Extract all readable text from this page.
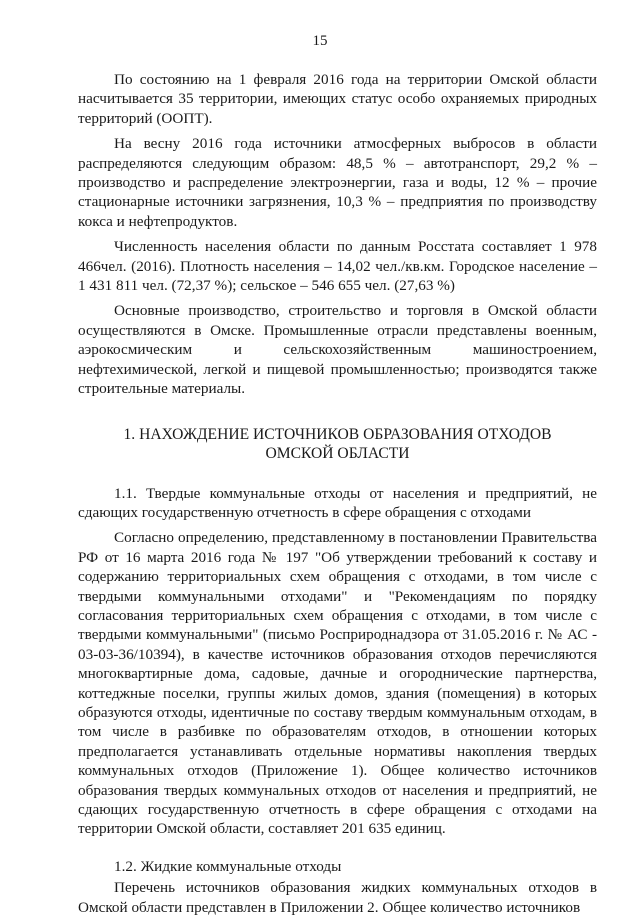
15

По состоянию на 1 февраля 2016 года на территории Омской области насчитывается 35 территории, имеющих статус особо охраняемых природных территорий (ООПТ).

На весну 2016 года источники атмосферных выбросов в области распределяются следующим образом: 48,5 % – автотранспорт, 29,2 % – производство и распределение электроэнергии, газа и воды, 12 % – прочие стационарные источники загрязнения, 10,3 % – предприятия по производству кокса и нефтепродуктов.

Численность населения области по данным Росстата составляет 1 978 466чел. (2016). Плотность населения – 14,02 чел./кв.км. Городское население – 1 431 811 чел. (72,37 %); сельское – 546 655 чел. (27,63 %)

Основные производство, строительство и торговля в Омской области осуществляются в Омске. Промышленные отрасли представлены военным, аэрокосмическим и сельскохозяйственным машиностроением, нефтехимической, легкой и пищевой промышленностью; производятся также строительные материалы.

1. НАХОЖДЕНИЕ ИСТОЧНИКОВ ОБРАЗОВАНИЯ ОТХОДОВ
ОМСКОЙ ОБЛАСТИ

1.1. Твердые коммунальные отходы от населения и предприятий, не сдающих государственную отчетность в сфере обращения с отходами

Согласно определению, представленному в постановлении Правительства РФ от 16 марта 2016 года № 197 "Об утверждении требований к составу и содержанию территориальных схем обращения с отходами, в том числе с твердыми коммунальными отходами" и "Рекомендациям по порядку согласования территориальных схем обращения с отходами, в том числе с твердыми коммунальными" (письмо Росприроднадзора от 31.05.2016 г. № АС - 03-03-36/10394), в качестве источников образования отходов перечисляются многоквартирные дома, садовые, дачные и огороднические партнерства, коттеджные поселки, группы жилых домов, здания (помещения) в которых образуются отходы, идентичные по составу твердым коммунальным отходам, в том числе в разбивке по образователям отходов, в отношении которых предполагается устанавливать отдельные нормативы накопления твердых коммунальных отходов (Приложение 1). Общее количество источников образования твердых коммунальных отходов от населения и предприятий, не сдающих государственную отчетность в сфере обращения с отходами на территории Омской области, составляет 201 635 единиц.

1.2. Жидкие коммунальные отходы

Перечень источников образования жидких коммунальных отходов в Омской области представлен в Приложении 2. Общее количество источников
